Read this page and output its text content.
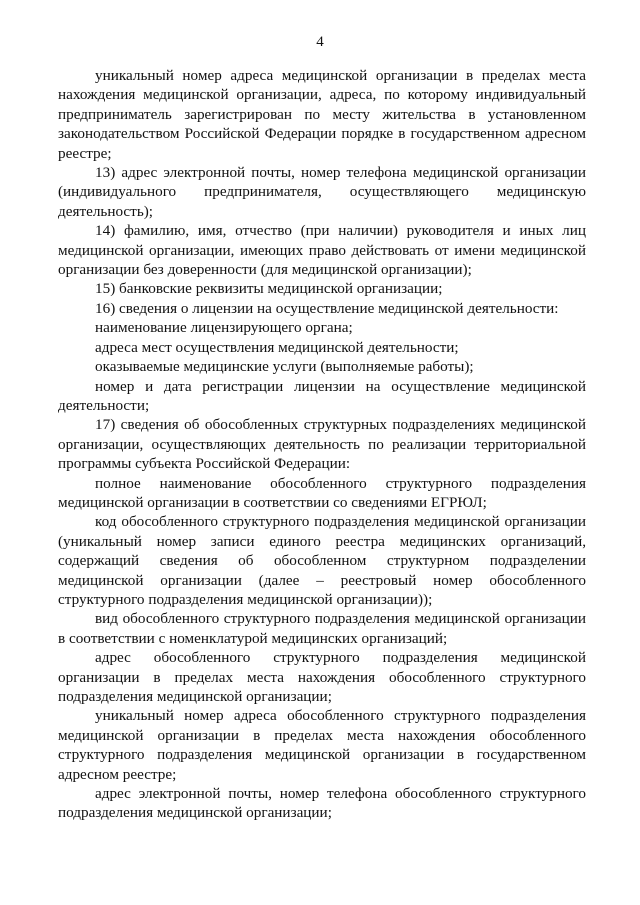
4

уникальный номер адреса медицинской организации в пределах места нахождения медицинской организации, адреса, по которому индивидуальный предприниматель зарегистрирован по месту жительства в установленном законодательством Российской Федерации порядке в государственном адресном реестре;

13) адрес электронной почты, номер телефона медицинской организации (индивидуального предпринимателя, осуществляющего медицинскую деятельность);

14) фамилию, имя, отчество (при наличии) руководителя и иных лиц медицинской организации, имеющих право действовать от имени медицинской организации без доверенности (для медицинской организации);

15) банковские реквизиты медицинской организации;

16) сведения о лицензии на осуществление медицинской деятельности:

наименование лицензирующего органа;

адреса мест осуществления медицинской деятельности;

оказываемые медицинские услуги (выполняемые работы);

номер и дата регистрации лицензии на осуществление медицинской деятельности;

17) сведения об обособленных структурных подразделениях медицинской организации, осуществляющих деятельность по реализации территориальной программы субъекта Российской Федерации:

полное наименование обособленного структурного подразделения медицинской организации в соответствии со сведениями ЕГРЮЛ;

код обособленного структурного подразделения медицинской организации (уникальный номер записи единого реестра медицинских организаций, содержащий сведения об обособленном структурном подразделении медицинской организации (далее – реестровый номер обособленного структурного подразделения медицинской организации));

вид обособленного структурного подразделения медицинской организации в соответствии с номенклатурой медицинских организаций;

адрес обособленного структурного подразделения медицинской организации в пределах места нахождения обособленного структурного подразделения медицинской организации;

уникальный номер адреса обособленного структурного подразделения медицинской организации в пределах места нахождения обособленного структурного подразделения медицинской организации в государственном адресном реестре;

адрес электронной почты, номер телефона обособленного структурного подразделения медицинской организации;
